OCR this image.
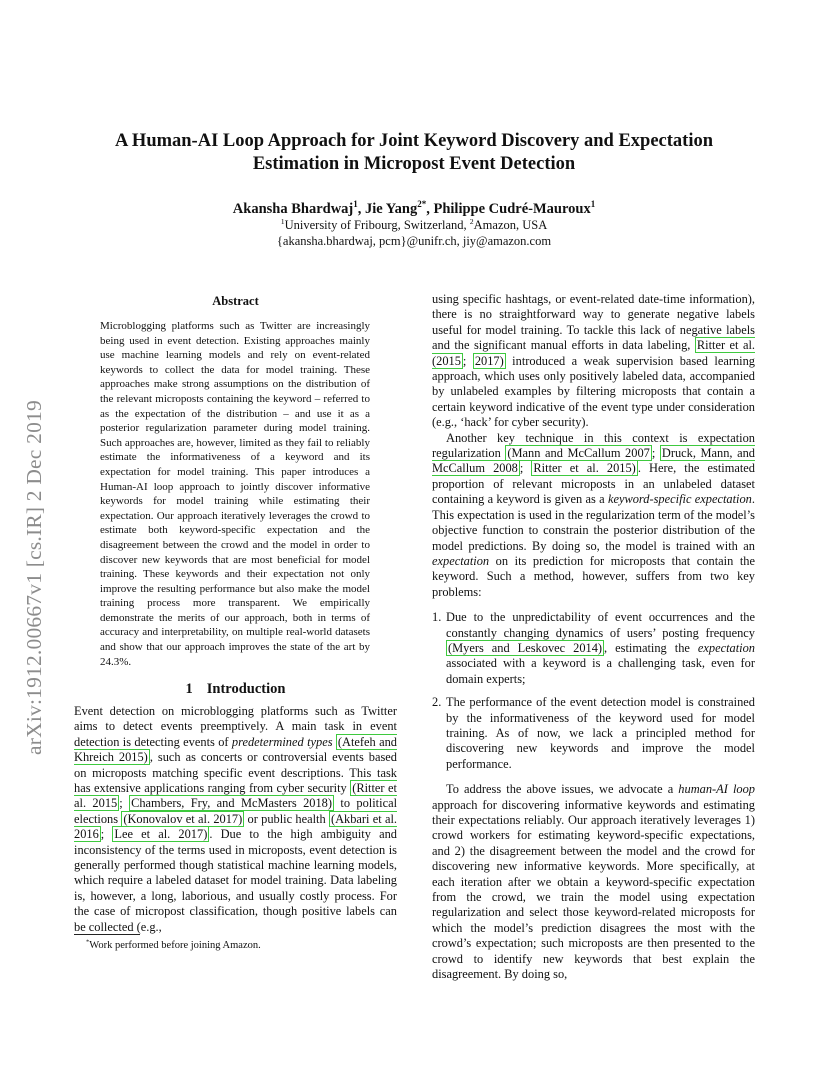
arXiv:1912.00667v1 [cs.IR] 2 Dec 2019
A Human-AI Loop Approach for Joint Keyword Discovery and Expectation
Estimation in Micropost Event Detection
Akansha Bhardwaj$^1$, Jie Yang$^{2*}$, Philippe Cudré-Mauroux$^1$
$^1$University of Fribourg, Switzerland, $^2$Amazon, USA
{akansha.bhardwaj, pcm}@unifr.ch, jiy@amazon.com
Abstract
Microblogging platforms such as Twitter are increasingly being used in event detection. Existing approaches mainly use machine learning models and rely on event-related keywords to collect the data for model training. These approaches make strong assumptions on the distribution of the relevant microposts containing the keyword – referred to as the expectation of the distribution – and use it as a posterior regularization parameter during model training. Such approaches are, however, limited as they fail to reliably estimate the informativeness of a keyword and its expectation for model training. This paper introduces a Human-AI loop approach to jointly discover informative keywords for model training while estimating their expectation. Our approach iteratively leverages the crowd to estimate both keyword-specific expectation and the disagreement between the crowd and the model in order to discover new keywords that are most beneficial for model training. These keywords and their expectation not only improve the resulting performance but also make the model training process more transparent. We empirically demonstrate the merits of our approach, both in terms of accuracy and interpretability, on multiple real-world datasets and show that our approach improves the state of the art by 24.3%.
1 Introduction

Event detection on microblogging platforms such as Twitter aims to detect events preemptively. A main task in event detection is detecting events of predetermined types (Atefeh and Khreich 2015) , such as concerts or controversial events based on microposts matching specific event descriptions. This task has extensive applications ranging from cyber security (Ritter et al. 2015 ; Chambers, Fry, and McMasters 2018) to political elections (Konovalov et al. 2017) or public health (Akbari et al. 2016 ; Lee et al. 2017) . Due to the high ambiguity and inconsistency of the terms used in microposts, event detection is generally performed though statistical machine learning models, which require a labeled dataset for model training. Data labeling is, however, a long, laborious, and usually costly process. For the case of micropost classification, though positive labels can be collected (e.g.,

*Work performed before joining Amazon.

using specific hashtags, or event-related date-time information), there is no straightforward way to generate negative labels useful for model training. To tackle this lack of negative labels and the significant manual efforts in data labeling, Ritter et al. (2015 ; 2017) introduced a weak supervision based learning approach, which uses only positively labeled data, accompanied by unlabeled examples by filtering microposts that contain a certain keyword indicative of the event type under consideration (e.g., ‘hack’ for cyber security).

Another key technique in this context is expectation regularization (Mann and McCallum 2007 ; Druck, Mann, and McCallum 2008 ; Ritter et al. 2015) . Here, the estimated proportion of relevant microposts in an unlabeled dataset containing a keyword is given as a keyword-specific expectation. This expectation is used in the regularization term of the model’s objective function to constrain the posterior distribution of the model predictions. By doing so, the model is trained with an expectation on its prediction for microposts that contain the keyword. Such a method, however, suffers from two key problems:

1. Due to the unpredictability of event occurrences and the constantly changing dynamics of users’ posting frequency (Myers and Leskovec 2014) , estimating the expectation associated with a keyword is a challenging task, even for domain experts;
2. The performance of the event detection model is constrained by the informativeness of the keyword used for model training. As of now, we lack a principled method for discovering new keywords and improve the model performance.

To address the above issues, we advocate a human-AI loop approach for discovering informative keywords and estimating their expectations reliably. Our approach iteratively leverages 1) crowd workers for estimating keyword-specific expectations, and 2) the disagreement between the model and the crowd for discovering new informative keywords. More specifically, at each iteration after we obtain a keyword-specific expectation from the crowd, we train the model using expectation regularization and select those keyword-related microposts for which the model’s prediction disagrees the most with the crowd’s expectation; such microposts are then presented to the crowd to identify new keywords that best explain the disagreement. By doing so,
